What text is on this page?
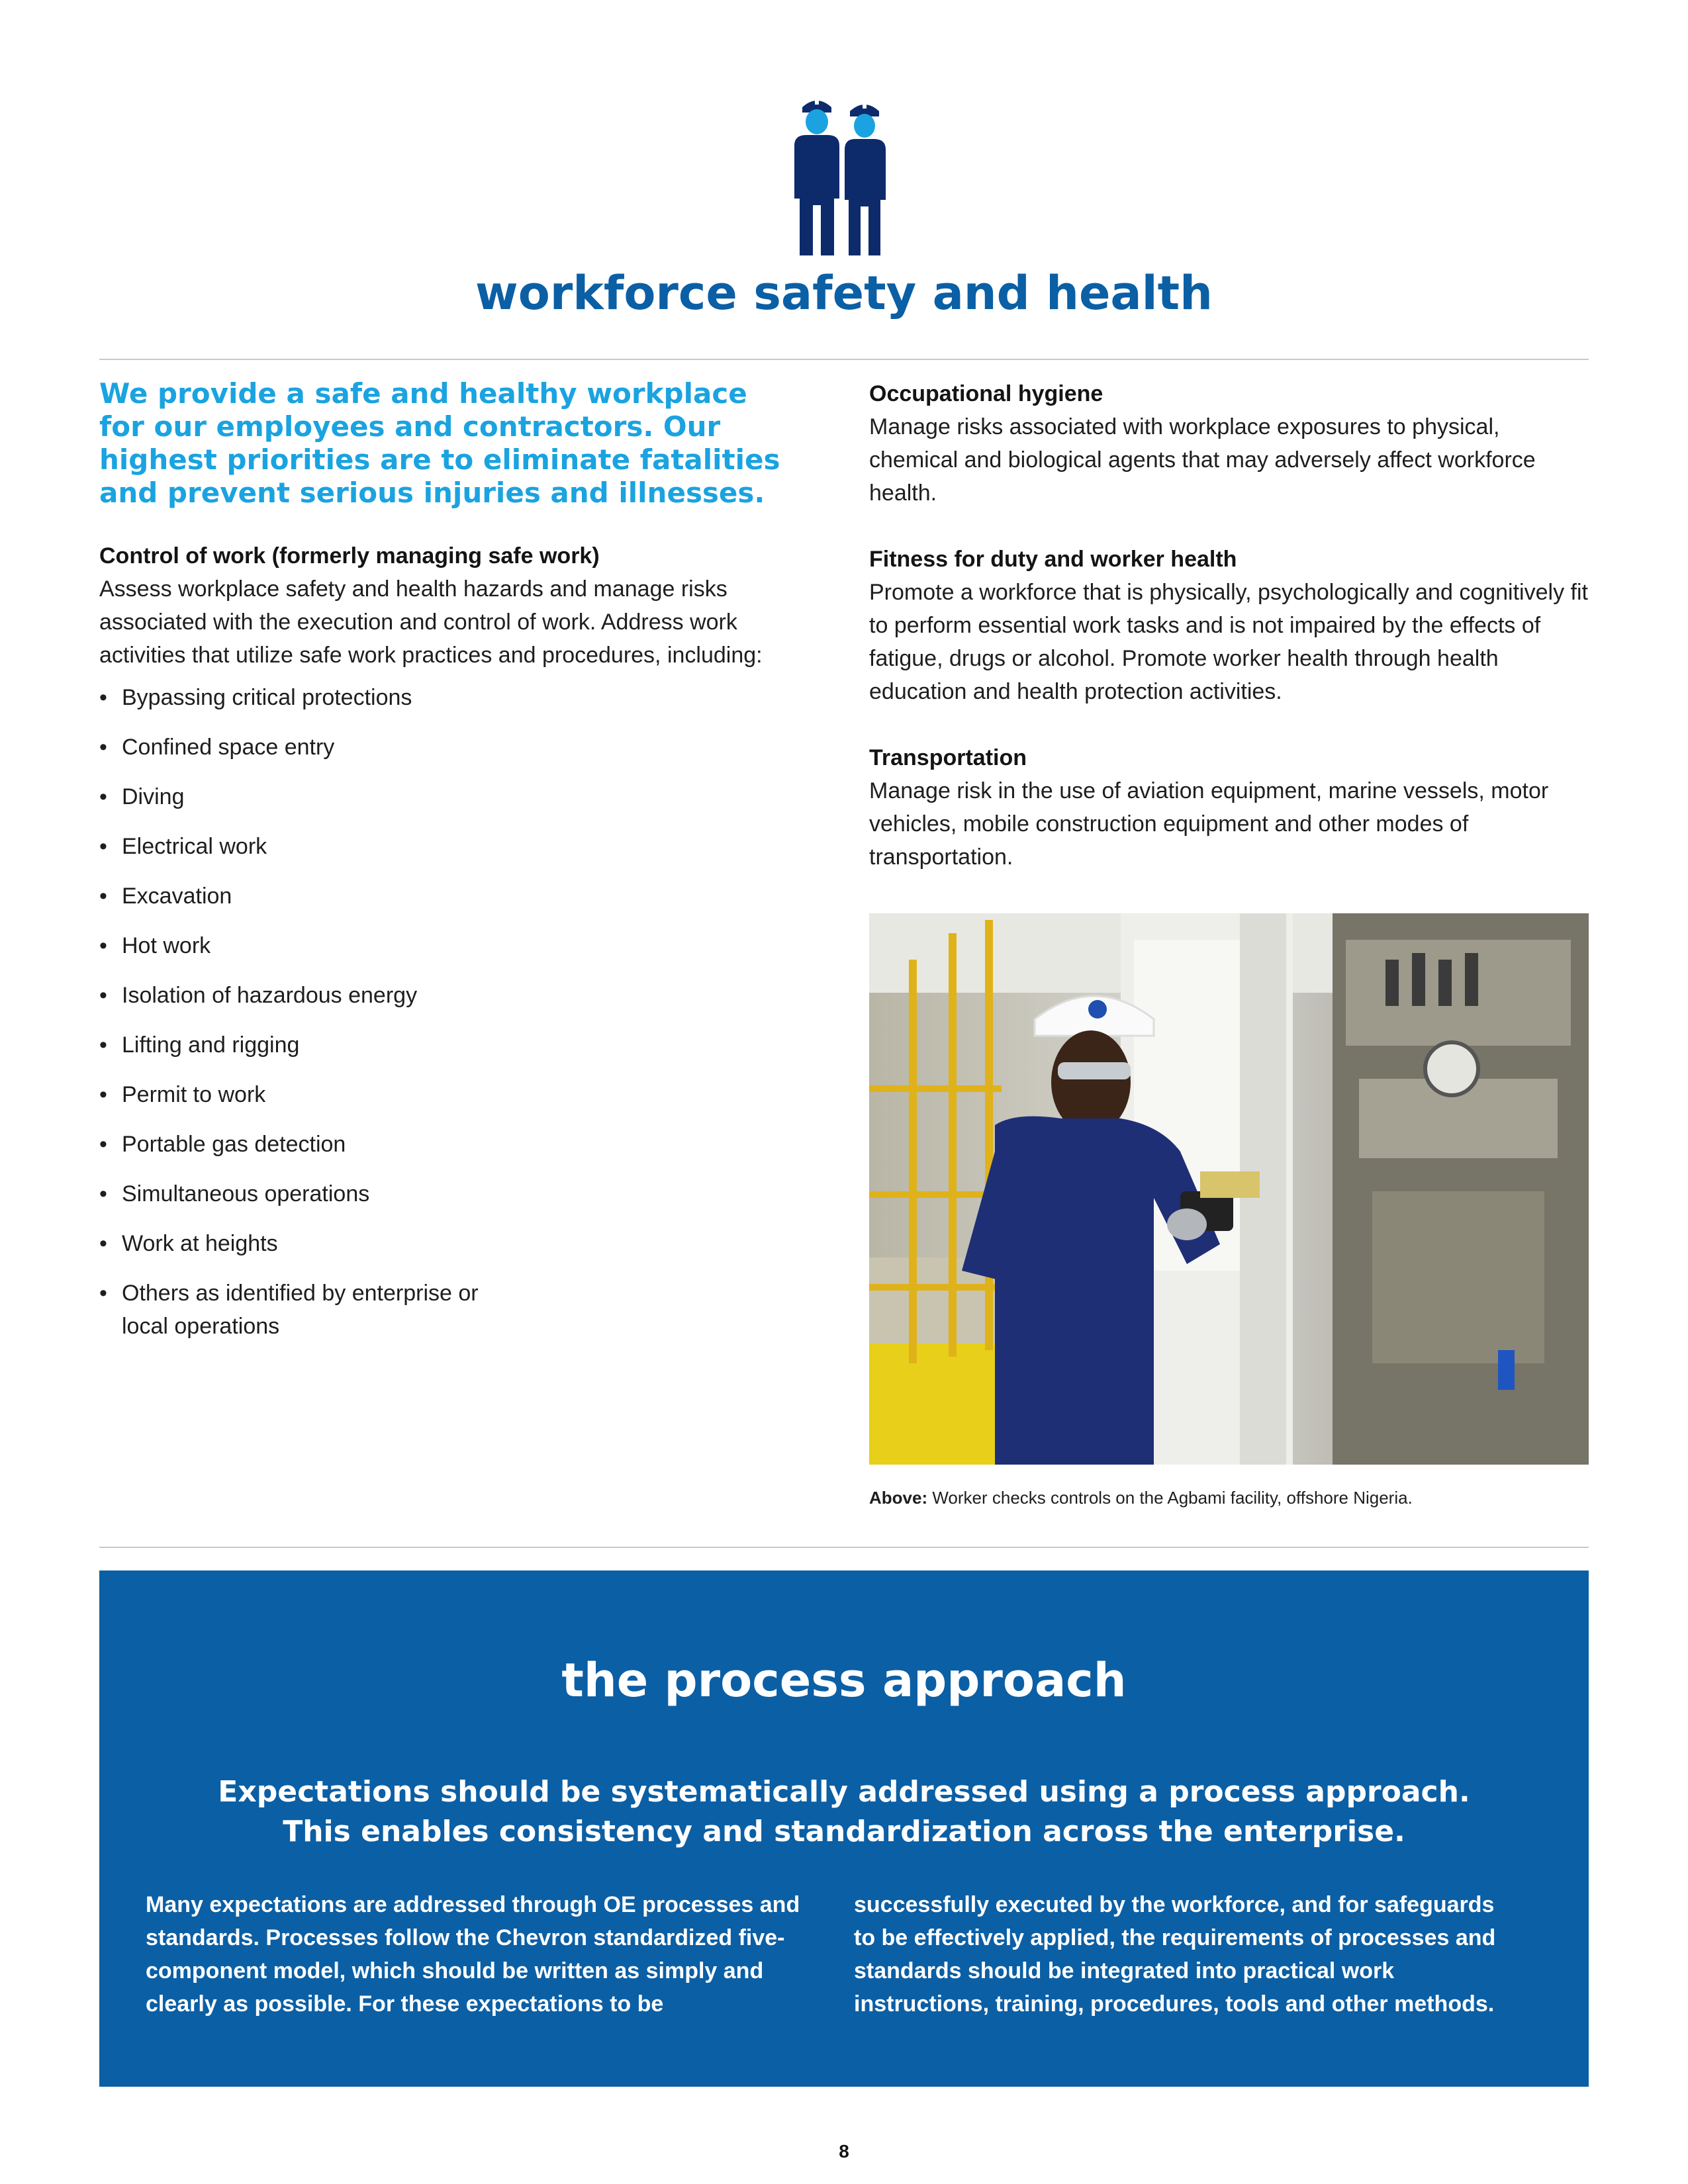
workforce safety and health

We provide a safe and healthy workplace for our employees and contractors. Our highest priorities are to eliminate fatalities and prevent serious injuries and illnesses.

Control of work (formerly managing safe work)

Assess workplace safety and health hazards and manage risks associated with the execution and control of work. Address work activities that utilize safe work practices and procedures, including:

• Bypassing critical protections
• Confined space entry
• Diving
• Electrical work
• Excavation
• Hot work
• Isolation of hazardous energy
• Lifting and rigging
• Permit to work
• Portable gas detection
• Simultaneous operations
• Work at heights
• Others as identified by enterprise or local operations

Occupational hygiene

Manage risks associated with workplace exposures to physical, chemical and biological agents that may adversely affect workforce health.

Fitness for duty and worker health

Promote a workforce that is physically, psychologically and cognitively fit to perform essential work tasks and is not impaired by the effects of fatigue, drugs or alcohol. Promote worker health through health education and health protection activities.

Transportation

Manage risk in the use of aviation equipment, marine vessels, motor vehicles, mobile construction equipment and other modes of transportation.

Above: Worker checks controls on the Agbami facility, offshore Nigeria.

the process approach

Expectations should be systematically addressed using a process approach.
This enables consistency and standardization across the enterprise.

Many expectations are addressed through OE processes and standards. Processes follow the Chevron standardized five-component model, which should be written as simply and clearly as possible. For these expectations to be

successfully executed by the workforce, and for safeguards to be effectively applied, the requirements of processes and standards should be integrated into practical work instructions, training, procedures, tools and other methods.

8
